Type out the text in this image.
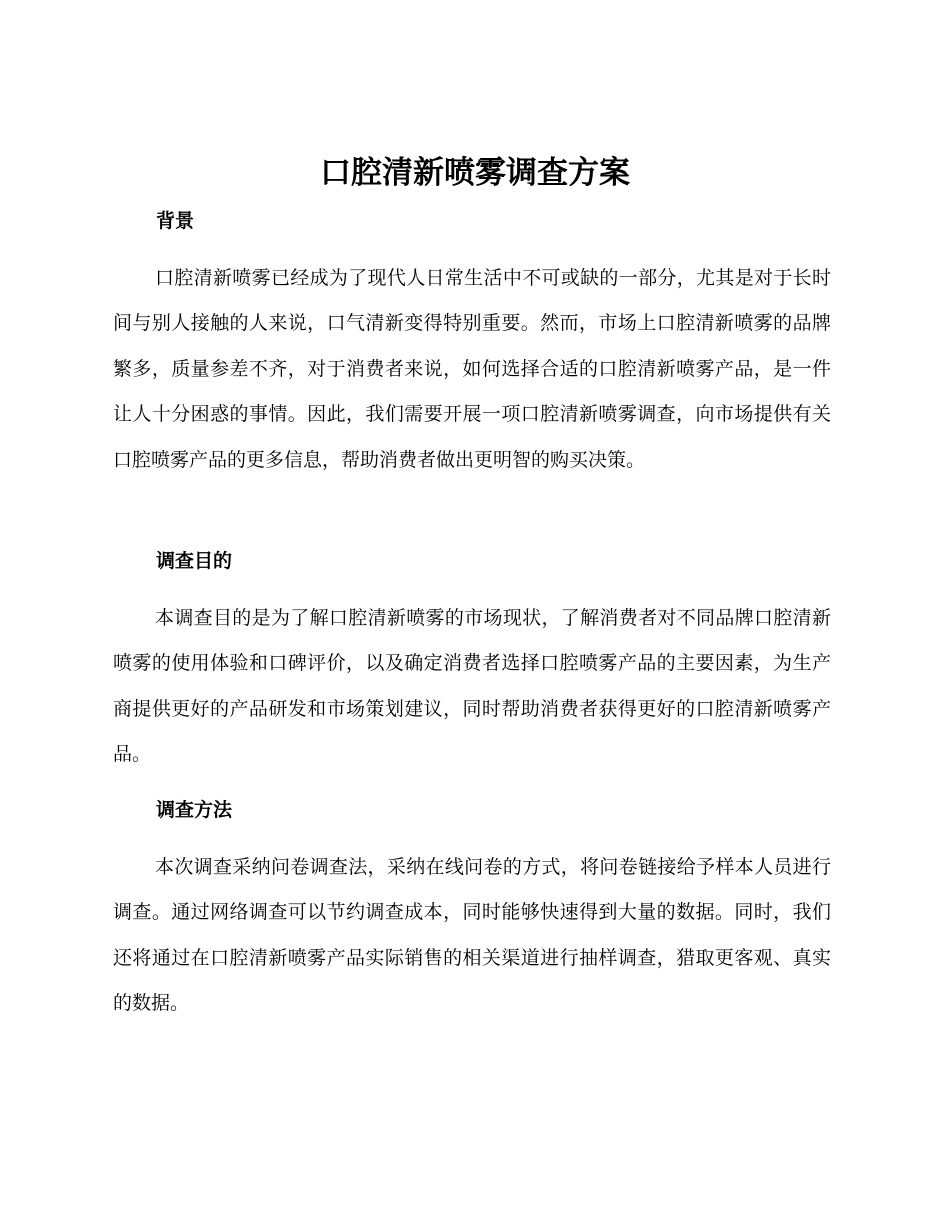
口腔清新喷雾调查方案
背景

口腔清新喷雾已经成为了现代人日常生活中不可或缺的一部分，尤其是对于长时间与别人接触的人来说，口气清新变得特别重要。然而，市场上口腔清新喷雾的品牌繁多，质量参差不齐，对于消费者来说，如何选择合适的口腔清新喷雾产品，是一件让人十分困惑的事情。因此，我们需要开展一项口腔清新喷雾调查，向市场提供有关口腔喷雾产品的更多信息，帮助消费者做出更明智的购买决策。

调查目的

本调查目的是为了解口腔清新喷雾的市场现状，了解消费者对不同品牌口腔清新喷雾的使用体验和口碑评价，以及确定消费者选择口腔喷雾产品的主要因素，为生产商提供更好的产品研发和市场策划建议，同时帮助消费者获得更好的口腔清新喷雾产品。

调查方法

本次调查采纳问卷调查法，采纳在线问卷的方式，将问卷链接给予样本人员进行调查。通过网络调查可以节约调查成本，同时能够快速得到大量的数据。同时，我们还将通过在口腔清新喷雾产品实际销售的相关渠道进行抽样调查，猎取更客观、真实的数据。
